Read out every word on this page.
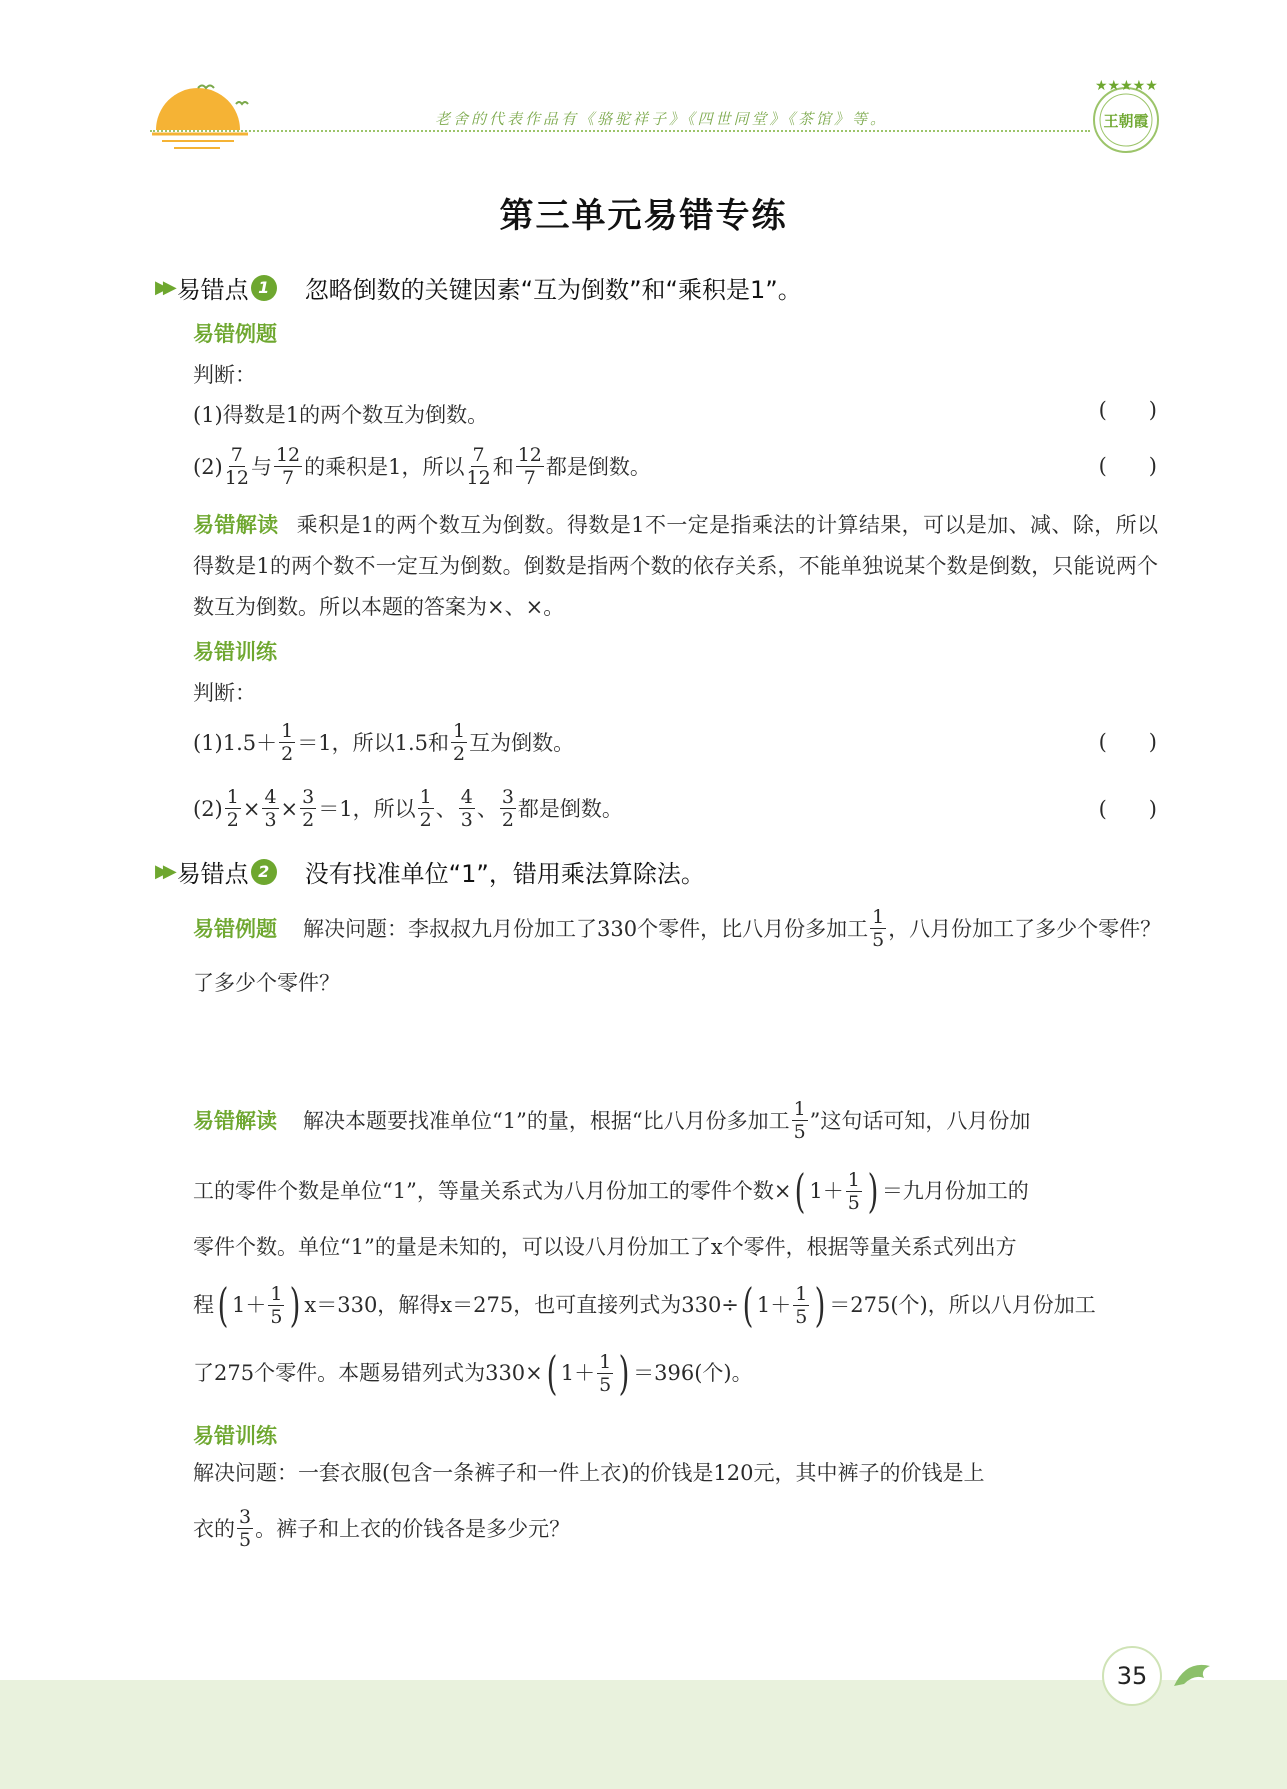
老舍的代表作品有《骆驼祥子》《四世同堂》《茶馆》等。
★★★★★
王朝霞
第三单元易错专练
▶▶ 易错点 1	忽略倒数的关键因素“互为倒数”和“乘积是1”。
易错例题
判断：
(1)得数是1的两个数互为倒数。	(　　)
$(2) \frac{7}{12}$ 与 $\frac{12}{7}$ 的乘积是1，所以 $\frac{7}{12}$ 和 $\frac{12}{7}$ 都是倒数。	(　　)
易错解读 乘积是1的两个数互为倒数。得数是1不一定是指乘法的计算结果，可以是加、减、除，所以得数是1的两个数不一定互为倒数。倒数是指两个数的依存关系，不能单独说某个数是倒数，只能说两个数互为倒数。所以本题的答案为×、×。
易错训练
判断：
$(1)1.5+ \frac{1}{2} =1$，所以1.5和 $\frac{1}{2}$ 互为倒数。	(　　)
$(2) \frac{1}{2} \times \frac{4}{3} \times \frac{3}{2} =1$，所以 $\frac{1}{2}$ 、 $\frac{4}{3}$ 、 $\frac{3}{2}$ 都是倒数。	(　　)
▶▶ 易错点 2	没有找准单位“1”，错用乘法算除法。
易错例题 解决问题：李叔叔九月份加工了330个零件，比八月份多加工 $\frac{1}{5}$ ，八月份加工了多少个零件？
了多少个零件？
易错解读 解决本题要找准单位“1”的量，根据“比八月份多加工 $\frac{1}{5}$ ”这句话可知，八月份加
工的零件个数是单位“1”，等量关系式为八月份加工的零件个数× ( $1+ \frac{1}{5}$ ) ＝九月份加工的
零件个数。单位“1”的量是未知的，可以设八月份加工了x个零件，根据等量关系式列出方
程 ( $1+ \frac{1}{5}$ ) x＝330，解得x＝275，也可直接列式为330÷ ( $1+ \frac{1}{5}$ ) ＝275(个)，所以八月份加工
了275个零件。本题易错列式为330× ( $1+ \frac{1}{5}$ ) ＝396(个)。
易错训练
解决问题：一套衣服(包含一条裤子和一件上衣)的价钱是120元，其中裤子的价钱是上
衣的 $\frac{3}{5}$ 。裤子和上衣的价钱各是多少元？
35
